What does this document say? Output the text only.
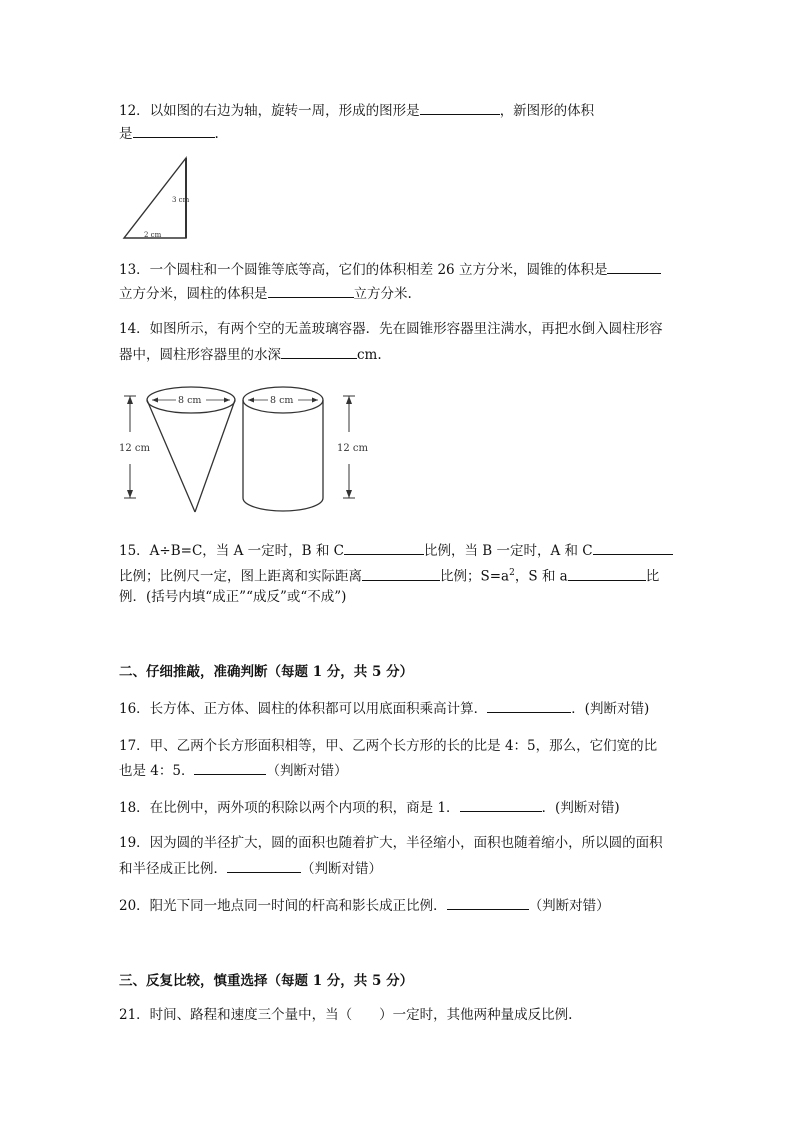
12．以如图的右边为轴，旋转一周，形成的图形是	，新图形的体积
是	.
3 cm
2 cm
13．一个圆柱和一个圆锥等底等高，它们的体积相差 26 立方分米，圆锥的体积是
立方分米，圆柱的体积是	立方分米.
14．如图所示，有两个空的无盖玻璃容器．先在圆锥形容器里注满水，再把水倒入圆柱形容
器中，圆柱形容器里的水深	cm.
12 cm
8 cm	8 cm
12 cm
15．A÷B=C，当 A 一定时，B 和 C	比例，当 B 一定时，A 和 C
比例；比例尺一定，图上距离和实际距离	比例；$S=a^2$，S 和 a	比
例．(括号内填“成正”“成反”或“不成”)
二、仔细推敲，准确判断（每题 1 分，共 5 分）
16．长方体、正方体、圆柱的体积都可以用底面积乘高计算．	．(判断对错)
17．甲、乙两个长方形面积相等，甲、乙两个长方形的长的比是 4：5，那么，它们宽的比
也是 4：5．	（判断对错）
18．在比例中，两外项的积除以两个内项的积，商是 1．	．(判断对错)
19．因为圆的半径扩大，圆的面积也随着扩大，半径缩小，面积也随着缩小，所以圆的面积
和半径成正比例．	（判断对错）
20．阳光下同一地点同一时间的杆高和影长成正比例．	（判断对错）
三、反复比较，慎重选择（每题 1 分，共 5 分）
21．时间、路程和速度三个量中，当（　　）一定时，其他两种量成反比例.
